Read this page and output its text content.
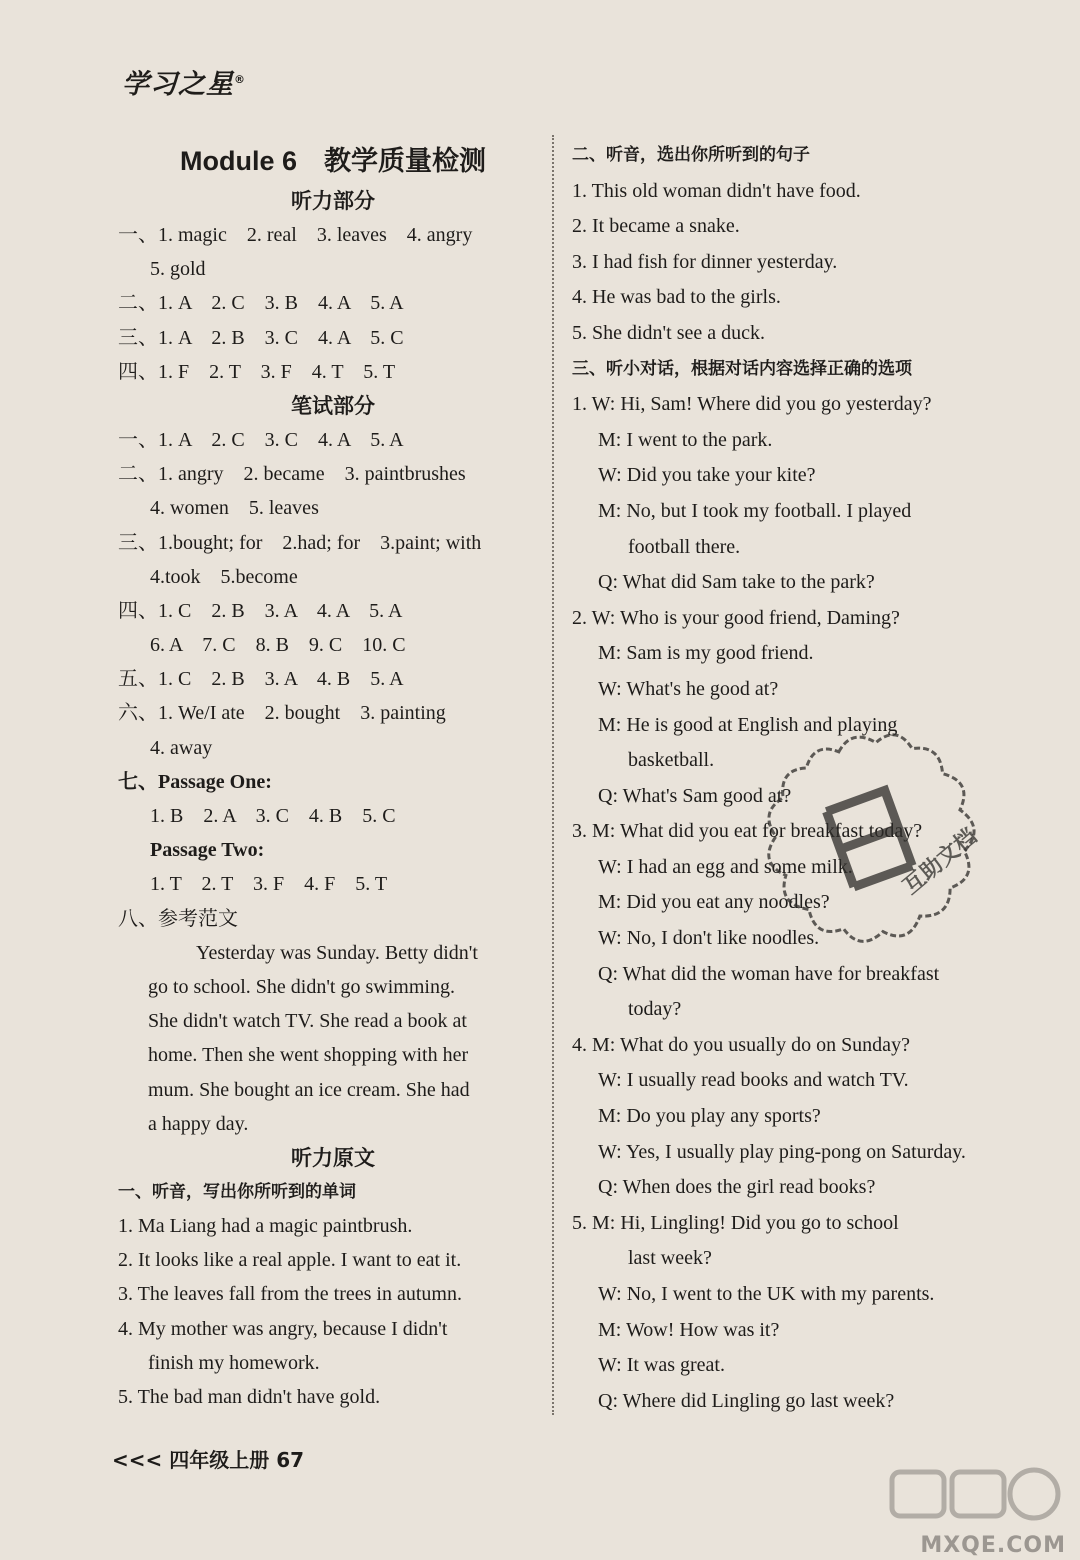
学习之星®
Module 6　教学质量检测
听力部分
一、1. magic　2. real　3. leaves　4. angry
5. gold
二、1. A　2. C　3. B　4. A　5. A
三、1. A　2. B　3. C　4. A　5. C
四、1. F　2. T　3. F　4. T　5. T
笔试部分
一、1. A　2. C　3. C　4. A　5. A
二、1. angry　2. became　3. paintbrushes
4. women　5. leaves
三、1.bought; for　2.had; for　3.paint; with
4.took　5.become
四、1. C　2. B　3. A　4. A　5. A
6. A　7. C　8. B　9. C　10. C
五、1. C　2. B　3. A　4. B　5. A
六、1. We/I ate　2. bought　3. painting
4. away
七、Passage One:
1. B　2. A　3. C　4. B　5. C
Passage Two:
1. T　2. T　3. F　4. F　5. T
八、参考范文
Yesterday was Sunday. Betty didn't
go to school. She didn't go swimming.
She didn't watch TV. She read a book at
home. Then she went shopping with her
mum. She bought an ice cream. She had
a happy day.
听力原文
一、听音，写出你所听到的单词
1. Ma Liang had a magic paintbrush.
2. It looks like a real apple. I want to eat it.
3. The leaves fall from the trees in autumn.
4. My mother was angry, because I didn't
finish my homework.
5. The bad man didn't have gold.
二、听音，选出你所听到的句子
1. This old woman didn't have food.
2. It became a snake.
3. I had fish for dinner yesterday.
4. He was bad to the girls.
5. She didn't see a duck.
三、听小对话，根据对话内容选择正确的选项
1. W: Hi, Sam! Where did you go yesterday?
M: I went to the park.
W: Did you take your kite?
M: No, but I took my football. I played
football there.
Q: What did Sam take to the park?
2. W: Who is your good friend, Daming?
M: Sam is my good friend.
W: What's he good at?
M: He is good at English and playing
basketball.
Q: What's Sam good at?
3. M: What did you eat for breakfast today?
W: I had an egg and some milk.
M: Did you eat any noodles?
W: No, I don't like noodles.
Q: What did the woman have for breakfast
today?
4. M: What do you usually do on Sunday?
W: I usually read books and watch TV.
M: Do you play any sports?
W: Yes, I usually play ping-pong on Saturday.
Q: When does the girl read books?
5. M: Hi, Lingling! Did you go to school
last week?
W: No, I went to the UK with my parents.
M: Wow! How was it?
W: It was great.
Q: Where did Lingling go last week?
互助文档
<<< 四年级上册 67
MXQE.COM
